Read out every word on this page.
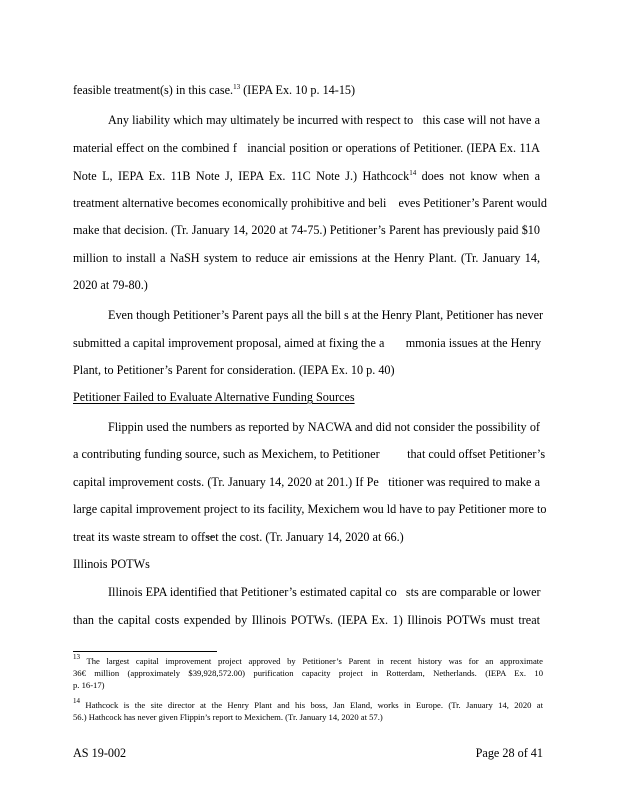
feasible treatment(s) in this case.$^{13}$ (IEPA Ex. 10 p. 14-15)
Any liability which may ultimately be incurred with respect to   this case will not have a
material effect on the combined f   inancial position or operations of Petitioner. (IEPA Ex. 11A
Note L, IEPA Ex. 11B Note J, IEPA Ex. 11C Note J.) Hathcock$^{14}$ does not know when a
treatment alternative becomes economically prohibitive and beli    eves Petitioner’s Parent would
make that decision. (Tr. January 14, 2020 at 74-75.) Petitioner’s Parent has previously paid $10
million to install a NaSH system to reduce air emissions at the Henry Plant. (Tr. January 14,
2020 at 79-80.)
Even though Petitioner’s Parent pays all the bill s at the Henry Plant, Petitioner has never
submitted a capital improvement proposal, aimed at fixing the a       mmonia issues at the Henry
Plant, to Petitioner’s Parent for consideration. (IEPA Ex. 10 p. 40)
Petitioner Failed to Evaluate Alternative Funding Sources
Flippin used the numbers as reported by NACWA and did not consider the possibility of
a contributing funding source, such as Mexichem, to Petitioner         that could offset Petitioner’s
capital improvement costs. (Tr. January 14, 2020 at 201.) If Pe   titioner was required to make a
large capital improvement project to its facility, Mexichem wou ld have to pay Petitioner more to
treat its waste stream to offs̶et the cost. (Tr. January 14, 2020 at 66.)
Illinois POTWs
Illinois EPA identified that Petitioner’s estimated capital co   sts are comparable or lower
than the capital costs expended by Illinois POTWs. (IEPA Ex. 1) Illinois POTWs must treat
$^{13}$ The largest capital improvement project approved by Petitioner’s Parent in recent history was for an approximate
36€ million (approximately $39,928,572.00) purification capacity project in Rotterdam, Netherlands. (IEPA Ex. 10
p. 16-17)
$^{14}$ Hathcock is the site director at the Henry Plant and his boss, Jan Eland, works in Europe. (Tr. January 14, 2020 at
56.) Hathcock has never given Flippin’s report to Mexichem. (Tr. January 14, 2020 at 57.)
AS 19-002	Page 28 of 41
